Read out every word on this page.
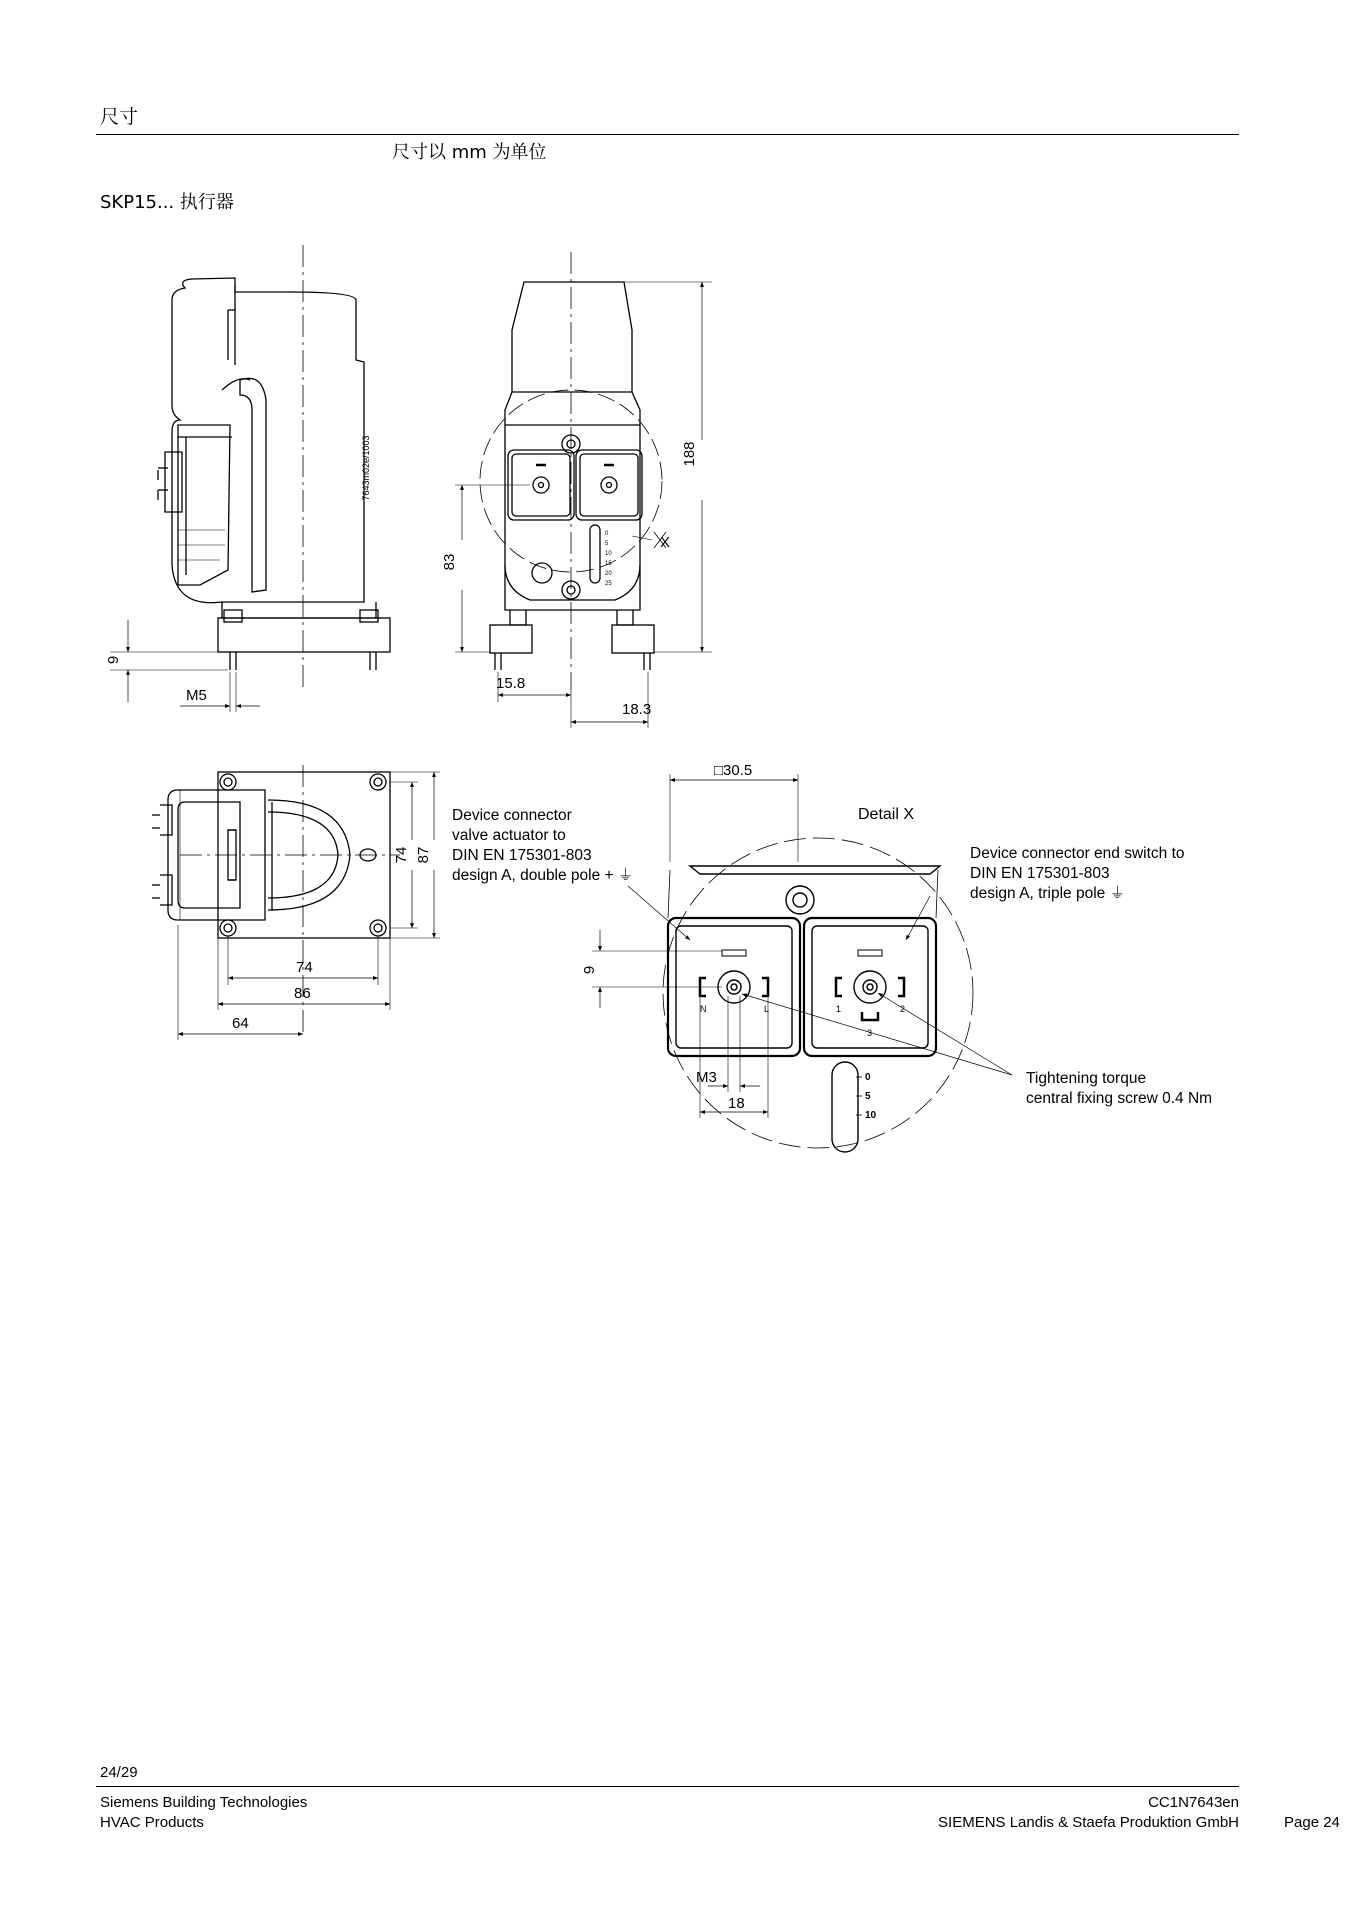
尺寸
尺寸以 mm 为单位
SKP15... 执行器
7643m02e/1003
9
M5
0
5
10
15
20
25
X
188
83
15.8
18.3
74 87
74
86
64
N	L	1	2
3
0
5
10
□30.5
Detail X
Device connector
valve actuator to
DIN EN 175301-803
design A, double pole + ⏚
Device connector end switch to
DIN EN 175301-803
design A, triple pole ⏚
Tightening torque
central fixing screw 0.4 Nm
9
M3
18
24/29
Siemens Building Technologies
HVAC Products
CC1N7643en
SIEMENS Landis & Staefa Produktion GmbH	Page 24
